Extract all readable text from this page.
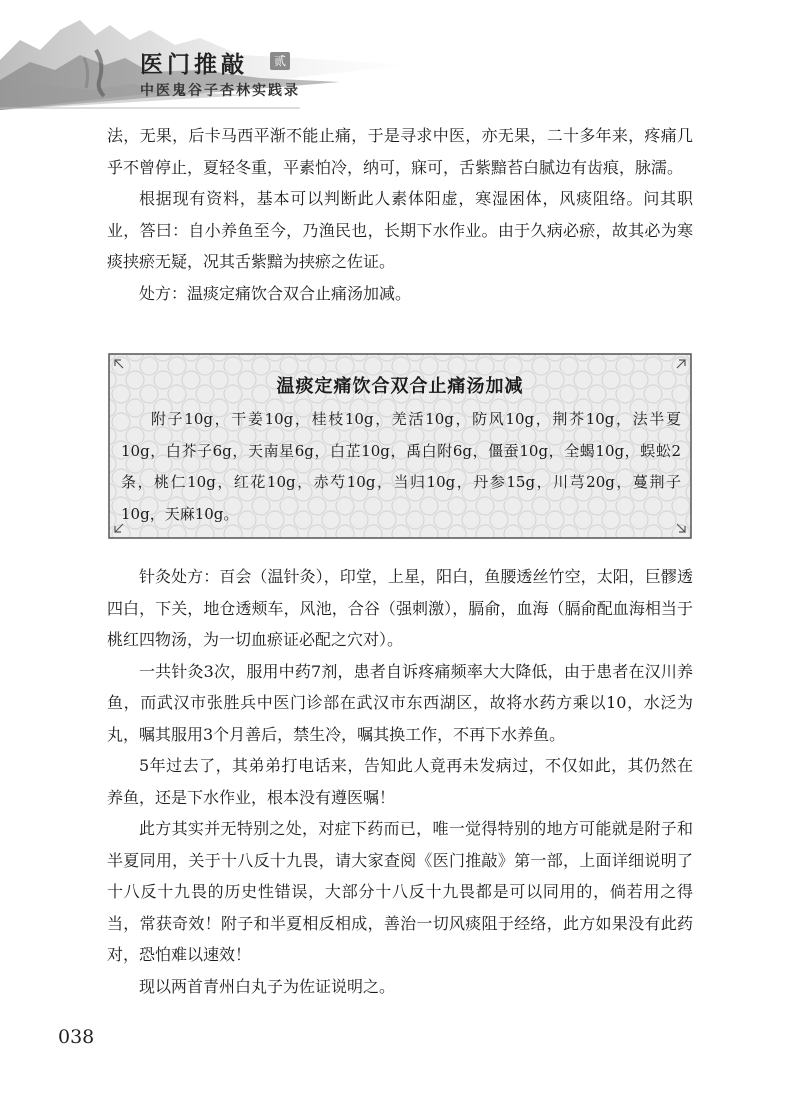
医门推敲	贰
中医鬼谷子杏林实践录

法，无果，后卡马西平渐不能止痛，于是寻求中医，亦无果，二十多年来，疼痛几乎不曾停止，夏轻冬重，平素怕冷，纳可，寐可，舌紫黯苔白腻边有齿痕，脉濡。

根据现有资料，基本可以判断此人素体阳虚，寒湿困体，风痰阻络。问其职业，答曰：自小养鱼至今，乃渔民也，长期下水作业。由于久病必瘀，故其必为寒痰挟瘀无疑，况其舌紫黯为挟瘀之佐证。

处方：温痰定痛饮合双合止痛汤加减。

温痰定痛饮合双合止痛汤加减
附子10g，干姜10g，桂枝10g，羌活10g，防风10g，荆芥10g，法半夏10g，白芥子6g，天南星6g，白芷10g，禹白附6g，僵蚕10g，全蝎10g，蜈蚣2条，桃仁10g，红花10g，赤芍10g，当归10g，丹参15g，川芎20g，蔓荆子10g，天麻10g。

针灸处方：百会（温针灸），印堂，上星，阳白，鱼腰透丝竹空，太阳，巨髎透四白，下关，地仓透颊车，风池，合谷（强刺激），膈俞，血海（膈俞配血海相当于桃红四物汤，为一切血瘀证必配之穴对）。

一共针灸3次，服用中药7剂，患者自诉疼痛频率大大降低，由于患者在汉川养鱼，而武汉市张胜兵中医门诊部在武汉市东西湖区，故将水药方乘以10，水泛为丸，嘱其服用3个月善后，禁生冷，嘱其换工作，不再下水养鱼。

5年过去了，其弟弟打电话来，告知此人竟再未发病过，不仅如此，其仍然在养鱼，还是下水作业，根本没有遵医嘱！

此方其实并无特别之处，对症下药而已，唯一觉得特别的地方可能就是附子和半夏同用，关于十八反十九畏，请大家查阅《医门推敲》第一部，上面详细说明了十八反十九畏的历史性错误，大部分十八反十九畏都是可以同用的，倘若用之得当，常获奇效！附子和半夏相反相成，善治一切风痰阻于经络，此方如果没有此药对，恐怕难以速效！

现以两首青州白丸子为佐证说明之。

038
